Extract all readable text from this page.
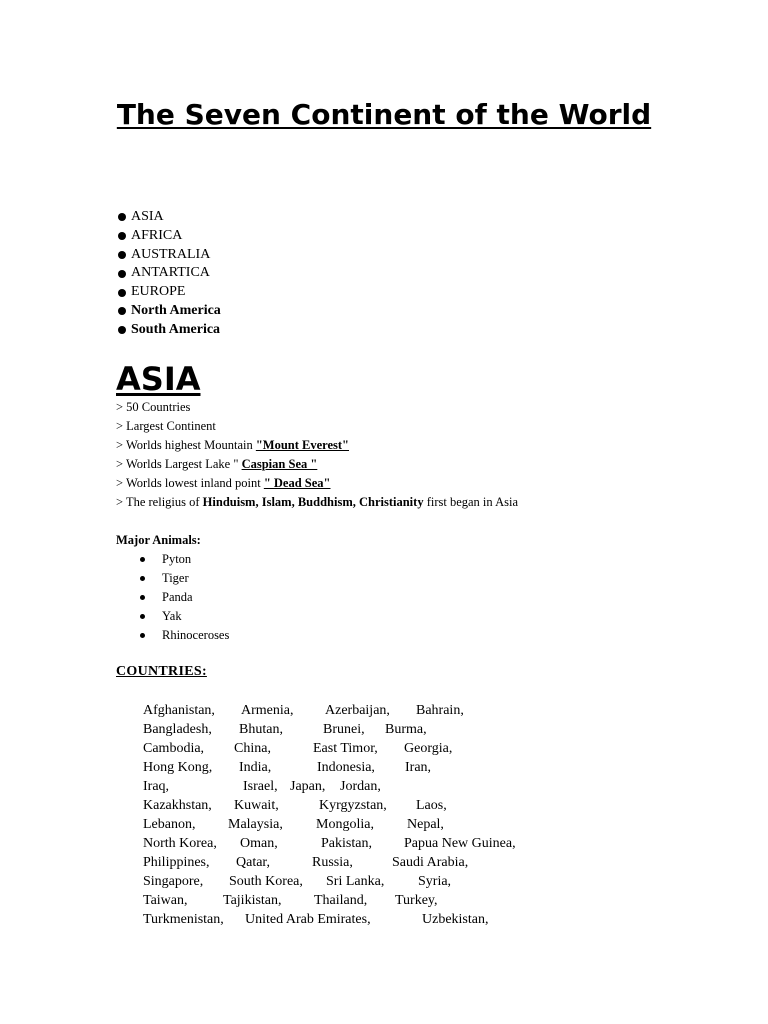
The Seven Continent of the World
ASIA
AFRICA
AUSTRALIA
ANTARTICA
EUROPE
North America
South America
ASIA
> 50 Countries
> Largest Continent
> Worlds highest Mountain "Mount Everest"
> Worlds Largest Lake " Caspian Sea "
> Worlds lowest inland point " Dead Sea"
> The religius of Hinduism, Islam, Buddhism, Christianity first began in Asia

Major Animals:

Pyton
Tiger
Panda
Yak
Rhinoceroses

COUNTRIES:

Afghanistan, Armenia, Azerbaijan, Bahrain,
Bangladesh, Bhutan,	Brunei, Burma,
Cambodia, China,	East Timor, Georgia,
Hong Kong, India,	Indonesia, Iran,
Iraq,	Israel, Japan, Jordan,
Kazakhstan, Kuwait,	Kyrgyzstan, Laos,
Lebanon, Malaysia, Mongolia, Nepal,
North Korea, Oman,	Pakistan, Papua New Guinea,
Philippines, Qatar,	Russia,	Saudi Arabia,
Singapore, South Korea, Sri Lanka, Syria,
Taiwan,	Tajikistan, Thailand, Turkey,
Turkmenistan, United Arab Emirates,	Uzbekistan,
